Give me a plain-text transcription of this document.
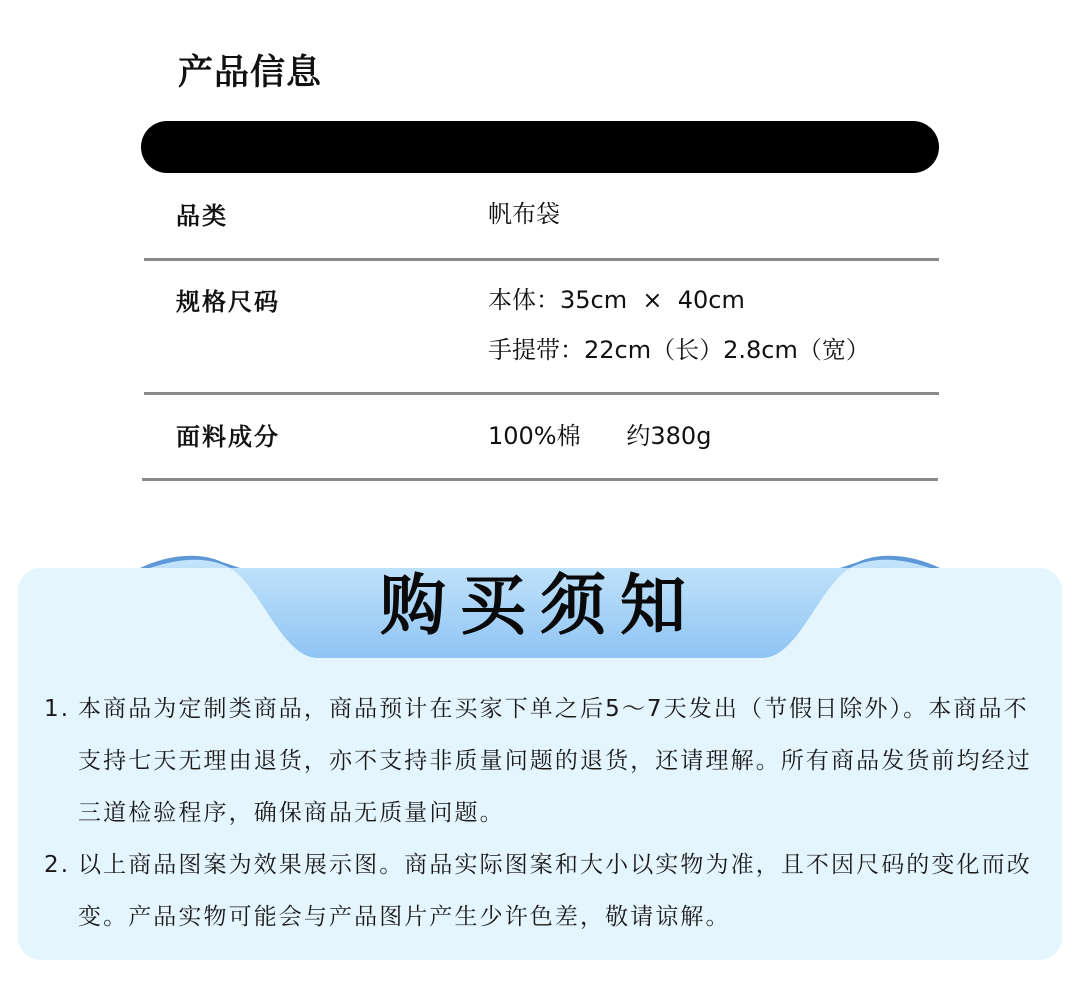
产品信息
品类	帆布袋
规格尺码	本体：35cm  ×  40cm
手提带：22cm（长）2.8cm（宽）
面料成分	100%棉      约380g
购买须知
1. 本商品为定制类商品，商品预计在买家下单之后5～7天发出（节假日除外）。本商品不支持七天无理由退货，亦不支持非质量问题的退货，还请理解。所有商品发货前均经过三道检验程序，确保商品无质量问题。
2. 以上商品图案为效果展示图。商品实际图案和大小以实物为准，且不因尺码的变化而改变。产品实物可能会与产品图片产生少许色差，敬请谅解。
